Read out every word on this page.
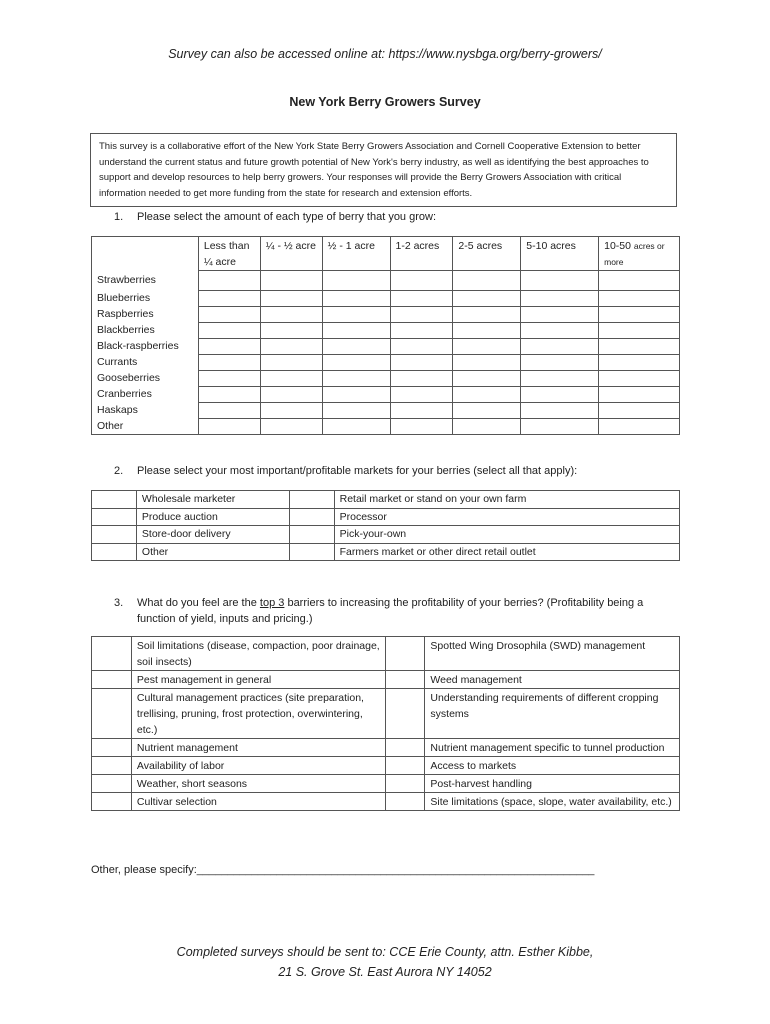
Survey can also be accessed online at: https://www.nysbga.org/berry-growers/
New York Berry Growers Survey
This survey is a collaborative effort of the New York State Berry Growers Association and Cornell Cooperative Extension to better understand the current status and future growth potential of New York's berry industry, as well as identifying the best approaches to support and develop resources to help berry growers. Your responses will provide the Berry Growers Association with critical information needed to get more funding from the state for research and extension efforts.
1. Please select the amount of each type of berry that you grow:
	Less than ¼ acre	¼ - ½ acre	½ - 1 acre	1-2 acres	2-5 acres	5-10 acres	10-50 acres or more
Strawberries							
Blueberries							
Raspberries							
Blackberries							
Black-raspberries							
Currants							
Gooseberries							
Cranberries							
Haskaps							
Other							
2. Please select your most important/profitable markets for your berries (select all that apply):
	Wholesale marketer		Retail market or stand on your own farm
	Produce auction		Processor
	Store-door delivery		Pick-your-own
	Other		Farmers market or other direct retail outlet
3. What do you feel are the top 3 barriers to increasing the profitability of your berries? (Profitability being a
function of yield, inputs and pricing.)
	Soil limitations (disease, compaction, poor drainage, soil insects)		Spotted Wing Drosophila (SWD) management
	Pest management in general		Weed management
	Cultural management practices (site preparation, trellising, pruning, frost protection, overwintering, etc.)		Understanding requirements of different cropping systems
	Nutrient management		Nutrient management specific to tunnel production
	Availability of labor		Access to markets
	Weather, short seasons		Post-harvest handling
	Cultivar selection		Site limitations (space, slope, water availability, etc.)
Other, please specify:_________________________________________________________________
Completed surveys should be sent to: CCE Erie County, attn. Esther Kibbe,
21 S. Grove St. East Aurora NY 14052
